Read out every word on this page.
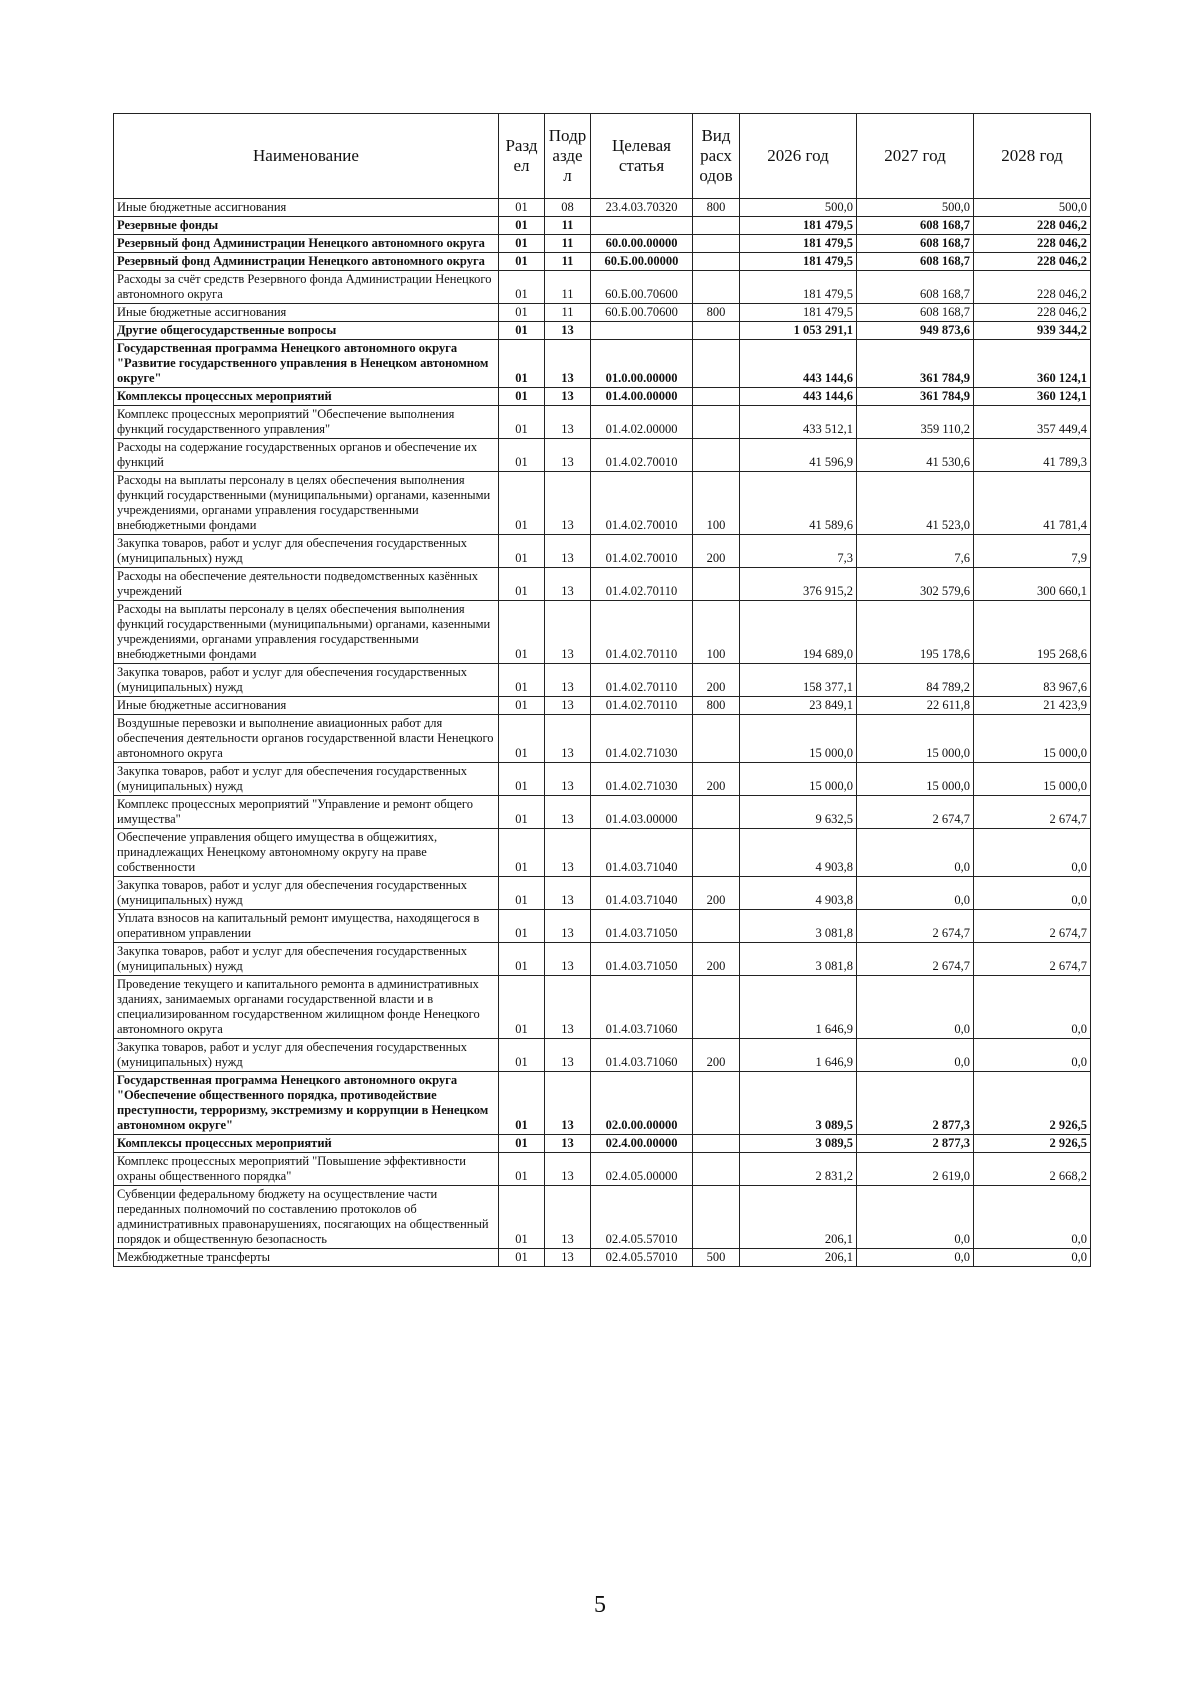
Наименование	Разд ел	Подр азде л	Целевая статья	Вид расх одов	2026 год	2027 год	2028 год
Иные бюджетные ассигнования	01	08	23.4.03.70320	800	500,0	500,0	500,0
Резервные фонды	01	11			181 479,5	608 168,7	228 046,2
Резервный фонд Администрации Ненецкого автономного округа	01	11	60.0.00.00000		181 479,5	608 168,7	228 046,2
Резервный фонд Администрации Ненецкого автономного округа	01	11	60.Б.00.00000		181 479,5	608 168,7	228 046,2
Расходы за счёт средств Резервного фонда Администрации Ненецкого автономного округа	01	11	60.Б.00.70600		181 479,5	608 168,7	228 046,2
Иные бюджетные ассигнования	01	11	60.Б.00.70600	800	181 479,5	608 168,7	228 046,2
Другие общегосударственные вопросы	01	13			1 053 291,1	949 873,6	939 344,2
Государственная программа Ненецкого автономного округа "Развитие государственного управления в Ненецком автономном округе"	01	13	01.0.00.00000		443 144,6	361 784,9	360 124,1
Комплексы процессных мероприятий	01	13	01.4.00.00000		443 144,6	361 784,9	360 124,1
Комплекс процессных мероприятий "Обеспечение выполнения функций государственного управления"	01	13	01.4.02.00000		433 512,1	359 110,2	357 449,4
Расходы на содержание государственных органов и обеспечение их функций	01	13	01.4.02.70010		41 596,9	41 530,6	41 789,3
Расходы на выплаты персоналу в целях обеспечения выполнения функций государственными (муниципальными) органами, казенными учреждениями, органами управления государственными внебюджетными фондами	01	13	01.4.02.70010	100	41 589,6	41 523,0	41 781,4
Закупка товаров, работ и услуг для обеспечения государственных (муниципальных) нужд	01	13	01.4.02.70010	200	7,3	7,6	7,9
Расходы на обеспечение деятельности подведомственных казённых учреждений	01	13	01.4.02.70110		376 915,2	302 579,6	300 660,1
Расходы на выплаты персоналу в целях обеспечения выполнения функций государственными (муниципальными) органами, казенными учреждениями, органами управления государственными внебюджетными фондами	01	13	01.4.02.70110	100	194 689,0	195 178,6	195 268,6
Закупка товаров, работ и услуг для обеспечения государственных (муниципальных) нужд	01	13	01.4.02.70110	200	158 377,1	84 789,2	83 967,6
Иные бюджетные ассигнования	01	13	01.4.02.70110	800	23 849,1	22 611,8	21 423,9
Воздушные перевозки и выполнение авиационных работ для обеспечения деятельности органов государственной власти Ненецкого автономного округа	01	13	01.4.02.71030		15 000,0	15 000,0	15 000,0
Закупка товаров, работ и услуг для обеспечения государственных (муниципальных) нужд	01	13	01.4.02.71030	200	15 000,0	15 000,0	15 000,0
Комплекс процессных мероприятий "Управление и ремонт общего имущества"	01	13	01.4.03.00000		9 632,5	2 674,7	2 674,7
Обеспечение управления общего имущества в общежитиях, принадлежащих Ненецкому автономному округу на праве собственности	01	13	01.4.03.71040		4 903,8	0,0	0,0
Закупка товаров, работ и услуг для обеспечения государственных (муниципальных) нужд	01	13	01.4.03.71040	200	4 903,8	0,0	0,0
Уплата взносов на капитальный ремонт имущества, находящегося в оперативном управлении	01	13	01.4.03.71050		3 081,8	2 674,7	2 674,7
Закупка товаров, работ и услуг для обеспечения государственных (муниципальных) нужд	01	13	01.4.03.71050	200	3 081,8	2 674,7	2 674,7
Проведение текущего и капитального ремонта в административных зданиях, занимаемых органами государственной власти и в специализированном государственном жилищном фонде Ненецкого автономного округа	01	13	01.4.03.71060		1 646,9	0,0	0,0
Закупка товаров, работ и услуг для обеспечения государственных (муниципальных) нужд	01	13	01.4.03.71060	200	1 646,9	0,0	0,0
Государственная программа Ненецкого автономного округа "Обеспечение общественного порядка, противодействие преступности, терроризму, экстремизму и коррупции в Ненецком автономном округе"	01	13	02.0.00.00000		3 089,5	2 877,3	2 926,5
Комплексы процессных мероприятий	01	13	02.4.00.00000		3 089,5	2 877,3	2 926,5
Комплекс процессных мероприятий "Повышение эффективности охраны общественного порядка"	01	13	02.4.05.00000		2 831,2	2 619,0	2 668,2
Субвенции федеральному бюджету на осуществление части переданных полномочий по составлению протоколов об административных правонарушениях, посягающих на общественный порядок и общественную безопасность	01	13	02.4.05.57010		206,1	0,0	0,0
Межбюджетные трансферты	01	13	02.4.05.57010	500	206,1	0,0	0,0
5
